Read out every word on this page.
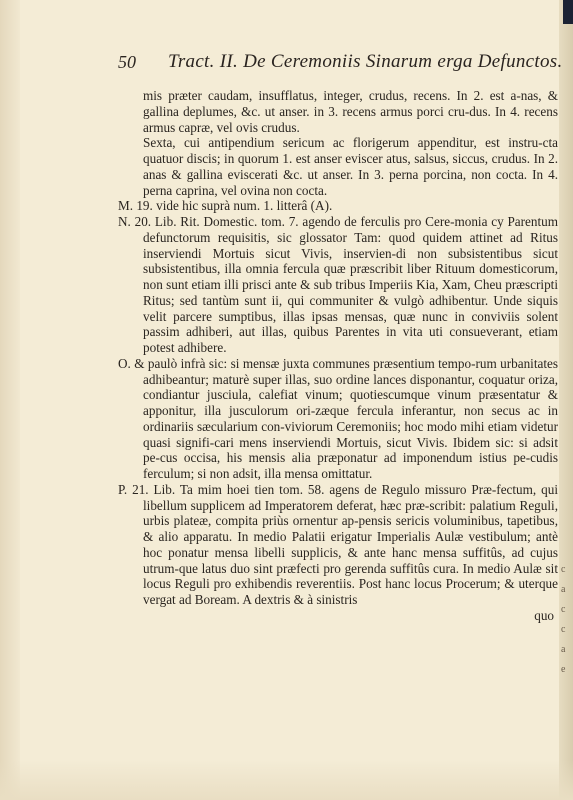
c
a
c
c
a
e
50 Tract. II. De Ceremoniis Sinarum erga Defunctos.

mis præter caudam, insufflatus, integer, crudus, recens. In 2. est a-nas, & gallina deplumes, &c. ut anser. in 3. recens armus porci cru-dus. In 4. recens armus capræ, vel ovis crudus.

Sexta, cui antipendium sericum ac florigerum appenditur, est instru-cta quatuor discis; in quorum 1. est anser eviscer atus, salsus, siccus, crudus. In 2. anas & gallina eviscerati &c. ut anser. In 3. perna porcina, non cocta. In 4. perna caprina, vel ovina non cocta.

M. 19. vide hic suprà num. 1. litterâ (A).

N. 20. Lib. Rit. Domestic. tom. 7. agendo de ferculis pro Cere-monia cy Parentum defunctorum requisitis, sic glossator Tam: quod quidem attinet ad Ritus inserviendi Mortuis sicut Vivis, inservien-di non subsistentibus sicut subsistentibus, illa omnia fercula quæ præscribit liber Rituum domesticorum, non sunt etiam illi prisci ante & sub tribus Imperiis Kia, Xam, Cheu præscripti Ritus; sed tantùm sunt ii, qui communiter & vulgò adhibentur. Unde siquis velit parcere sumptibus, illas ipsas mensas, quæ nunc in conviviis solent passim adhiberi, aut illas, quibus Parentes in vita uti consueverant, etiam potest adhibere.

O. & paulò infrà sic: si mensæ juxta communes præsentium tempo-rum urbanitates adhibeantur; maturè super illas, suo ordine lances disponantur, coquatur oriza, condiantur jusciula, calefiat vinum; quotiescumque vinum præsentatur & apponitur, illa jusculorum ori-zæque fercula inferantur, non secus ac in ordinariis sæcularium con-viviorum Ceremoniis; hoc modo mihi etiam videtur quasi signifi-cari mens inserviendi Mortuis, sicut Vivis. Ibidem sic: si adsit pe-cus occisa, his mensis alia præponatur ad imponendum istius pe-cudis ferculum; si non adsit, illa mensa omittatur.

P. 21. Lib. Ta mim hoei tien tom. 58. agens de Regulo missuro Præ-fectum, qui libellum supplicem ad Imperatorem deferat, hæc præ-scribit: palatium Reguli, urbis plateæ, compita priùs ornentur ap-pensis sericis voluminibus, tapetibus, & alio apparatu. In medio Palatii erigatur Imperialis Aulæ vestibulum; antè hoc ponatur mensa libelli supplicis, & ante hanc mensa suffitûs, ad cujus utrum-que latus duo sint præfecti pro gerenda suffitûs cura. In medio Aulæ sit locus Reguli pro exhibendis reverentiis. Post hanc locus Procerum; & uterque vergat ad Boream. A dextris & à sinistris

quo
